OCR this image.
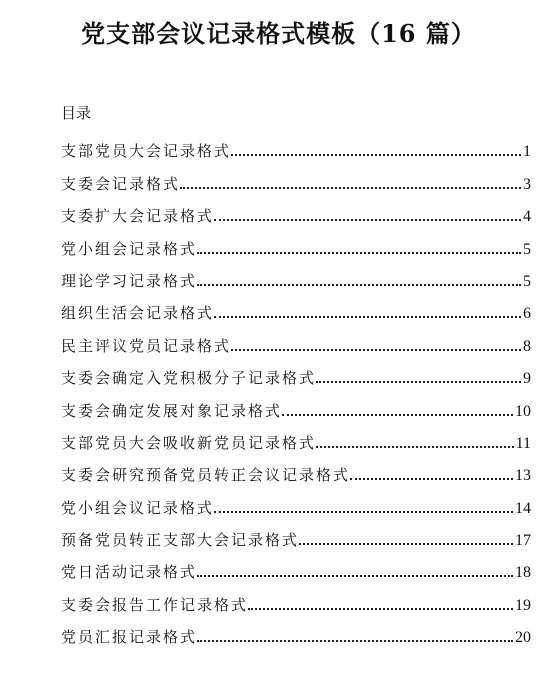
党支部会议记录格式模板（16 篇）
目录
支部党员大会记录格式	1
支委会记录格式	3
支委扩大会记录格式	4
党小组会记录格式	5
理论学习记录格式	5
组织生活会记录格式	6
民主评议党员记录格式	8
支委会确定入党积极分子记录格式	9
支委会确定发展对象记录格式	10
支部党员大会吸收新党员记录格式	11
支委会研究预备党员转正会议记录格式	13
党小组会议记录格式	14
预备党员转正支部大会记录格式	17
党日活动记录格式	18
支委会报告工作记录格式	19
党员汇报记录格式	20
